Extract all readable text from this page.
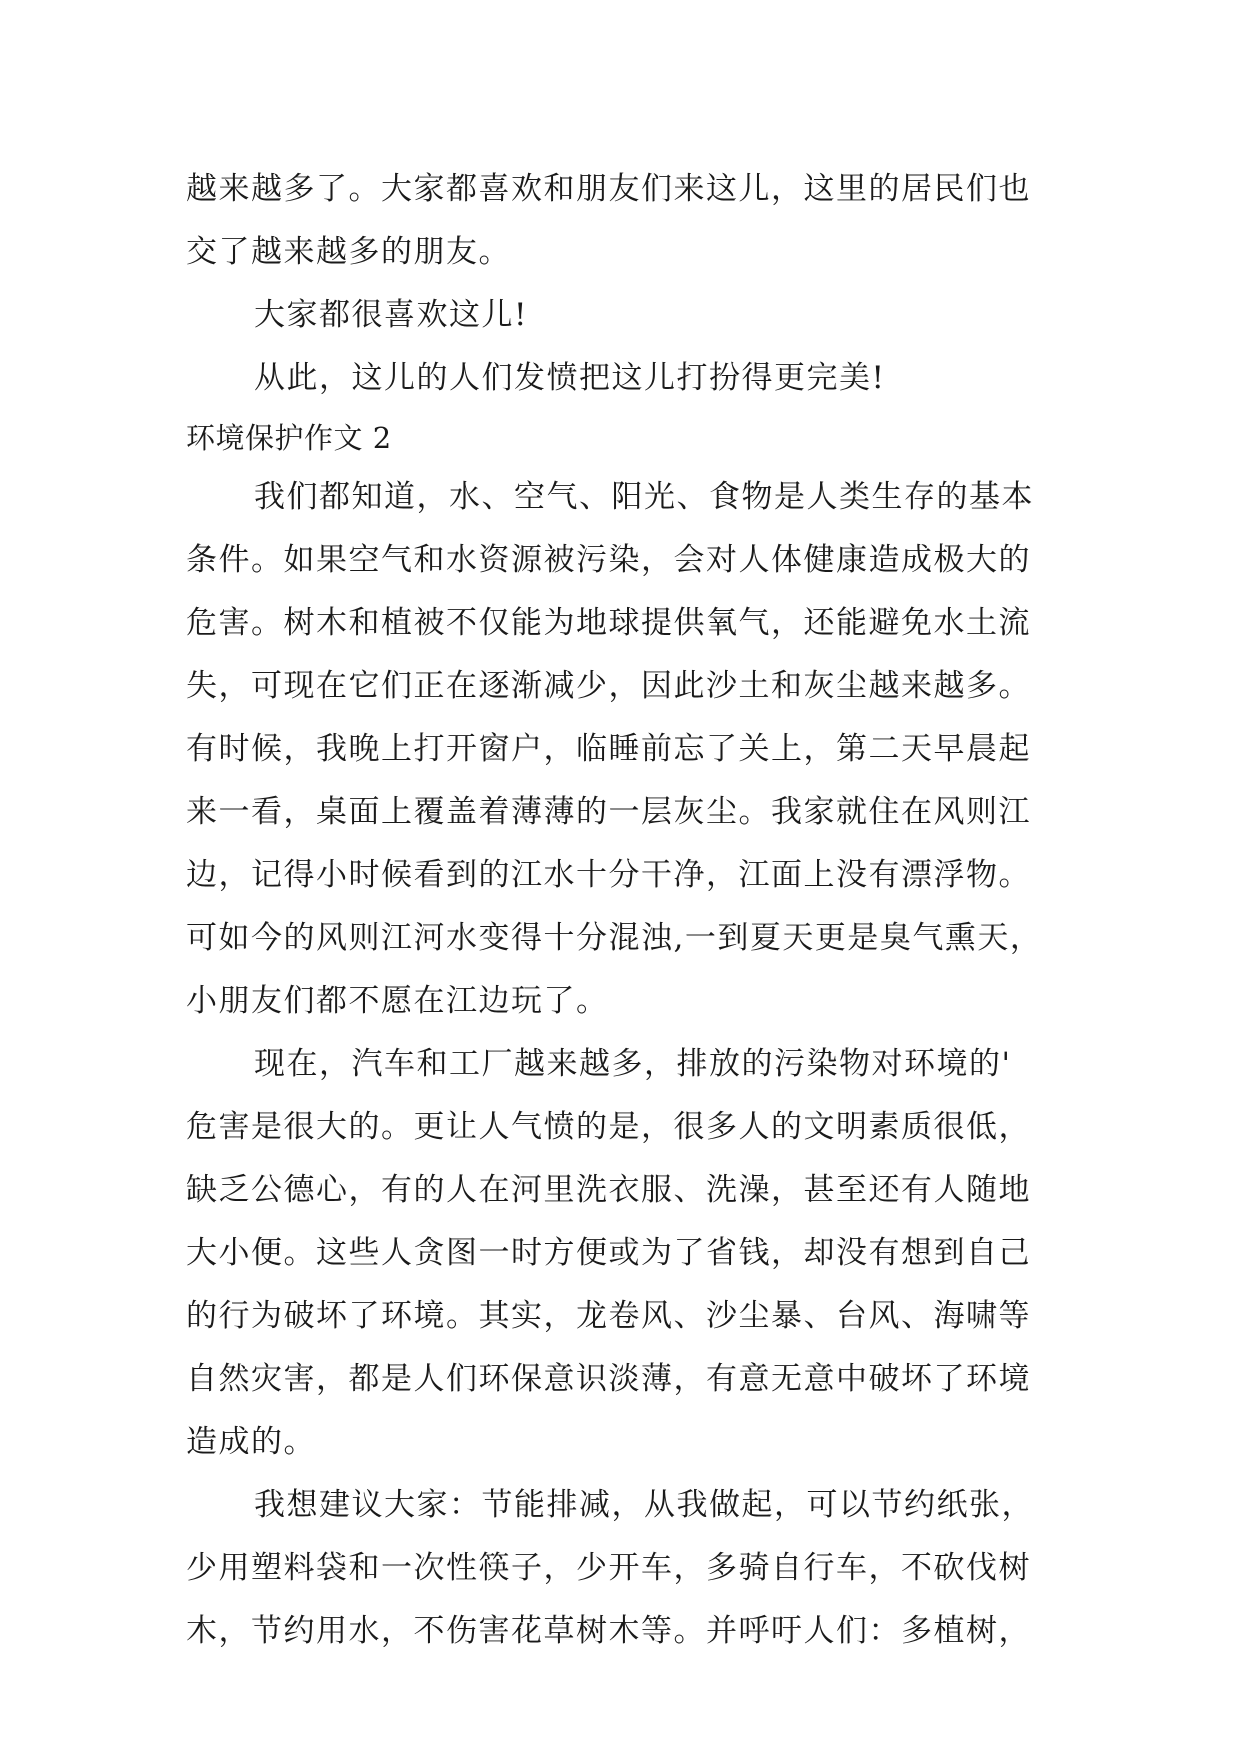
越来越多了。大家都喜欢和朋友们来这儿，这里的居民们也
交了越来越多的朋友。
大家都很喜欢这儿!
从此，这儿的人们发愤把这儿打扮得更完美!
环境保护作文 2
我们都知道，水、空气、阳光、食物是人类生存的基本
条件。如果空气和水资源被污染，会对人体健康造成极大的
危害。树木和植被不仅能为地球提供氧气，还能避免水土流
失，可现在它们正在逐渐减少，因此沙土和灰尘越来越多。
有时候，我晚上打开窗户，临睡前忘了关上，第二天早晨起
来一看，桌面上覆盖着薄薄的一层灰尘。我家就住在风则江
边，记得小时候看到的江水十分干净，江面上没有漂浮物。
可如今的风则江河水变得十分混浊,一到夏天更是臭气熏天，
小朋友们都不愿在江边玩了。
现在，汽车和工厂越来越多，排放的污染物对环境的'
危害是很大的。更让人气愤的是，很多人的文明素质很低，
缺乏公德心，有的人在河里洗衣服、洗澡，甚至还有人随地
大小便。这些人贪图一时方便或为了省钱，却没有想到自己
的行为破坏了环境。其实，龙卷风、沙尘暴、台风、海啸等
自然灾害，都是人们环保意识淡薄，有意无意中破坏了环境
造成的。
我想建议大家：节能排减，从我做起，可以节约纸张，
少用塑料袋和一次性筷子，少开车，多骑自行车，不砍伐树
木，节约用水，不伤害花草树木等。并呼吁人们：多植树，
